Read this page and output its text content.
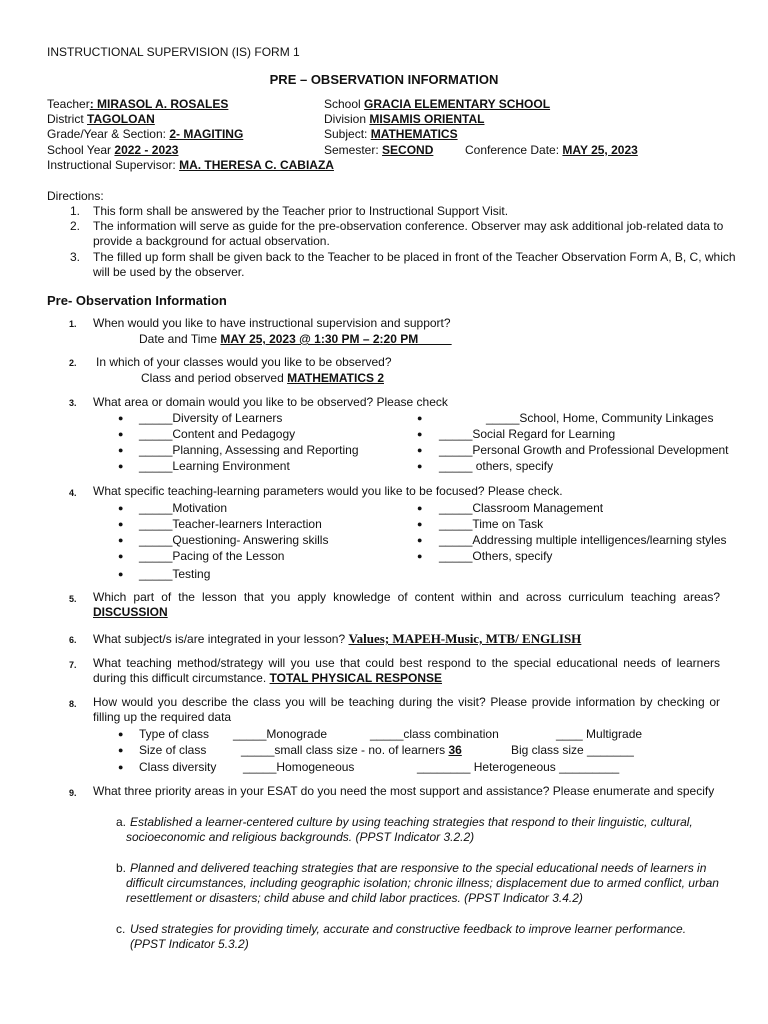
INSTRUCTIONAL SUPERVISION (IS) FORM 1
PRE – OBSERVATION INFORMATION
Teacher: MIRASOL A. ROSALES	School GRACIA ELEMENTARY SCHOOL
District TAGOLOAN	Division MISAMIS ORIENTAL
Grade/Year & Section: 2- MAGITING	Subject: MATHEMATICS
School Year 2022 - 2023	Semester: SECOND	Conference Date: MAY 25, 2023
Instructional Supervisor: MA. THERESA C. CABIAZA
Directions:
1. This form shall be answered by the Teacher prior to Instructional Support Visit.
2. The information will serve as guide for the pre-observation conference. Observer may ask additional job-related data to
provide a background for actual observation.
3. The filled up form shall be given back to the Teacher to be placed in front of the Teacher Observation Form A, B, C, which
will be used by the observer.
Pre- Observation Information
1. When would you like to have instructional supervision and support?
Date and Time MAY 25, 2023 @ 1:30 PM – 2:20 PM_____
2. In which of your classes would you like to be observed?
Class and period observed MATHEMATICS 2
3. What area or domain would you like to be observed? Please check
● _____Diversity of Learners
● _____Content and Pedagogy
● _____Planning, Assessing and Reporting
● _____Learning Environment
●	_____School, Home, Community Linkages
● _____Social Regard for Learning
● _____Personal Growth and Professional Development
● _____ others, specify
4. What specific teaching-learning parameters would you like to be focused? Please check.
● _____Motivation
● _____Teacher-learners Interaction
● _____Questioning- Answering skills
● _____Pacing of the Lesson
● _____Testing
● _____Classroom Management
● _____Time on Task
● _____Addressing multiple intelligences/learning styles
● _____Others, specify
5. Which part of the lesson that you apply knowledge of content within and across curriculum teaching areas? DISCUSSION
6. What subject/s is/are integrated in your lesson? Values; MAPEH-Music, MTB/ ENGLISH
7. What teaching method/strategy will you use that could best respond to the special educational needs of learners during this difficult circumstance. TOTAL PHYSICAL RESPONSE
8. How would you describe the class you will be teaching during the visit? Please provide information by checking or filling up the required data
● Type of class _____Monograde	_____class combination	____ Multigrade
● Size of class	_____small class size - no. of learners 36	Big class size _______
● Class diversity _____Homogeneous	________ Heterogeneous _________
9. What three priority areas in your ESAT do you need the most support and assistance? Please enumerate and specify
a. Established a learner-centered culture by using teaching strategies that respond to their linguistic, cultural,
socioeconomic and religious backgrounds. (PPST Indicator 3.2.2)
b. Planned and delivered teaching strategies that are responsive to the special educational needs of learners in
difficult circumstances, including geographic isolation; chronic illness; displacement due to armed conflict, urban
resettlement or disasters; child abuse and child labor practices. (PPST Indicator 3.4.2)
c. Used strategies for providing timely, accurate and constructive feedback to improve learner performance.
(PPST Indicator 5.3.2)
